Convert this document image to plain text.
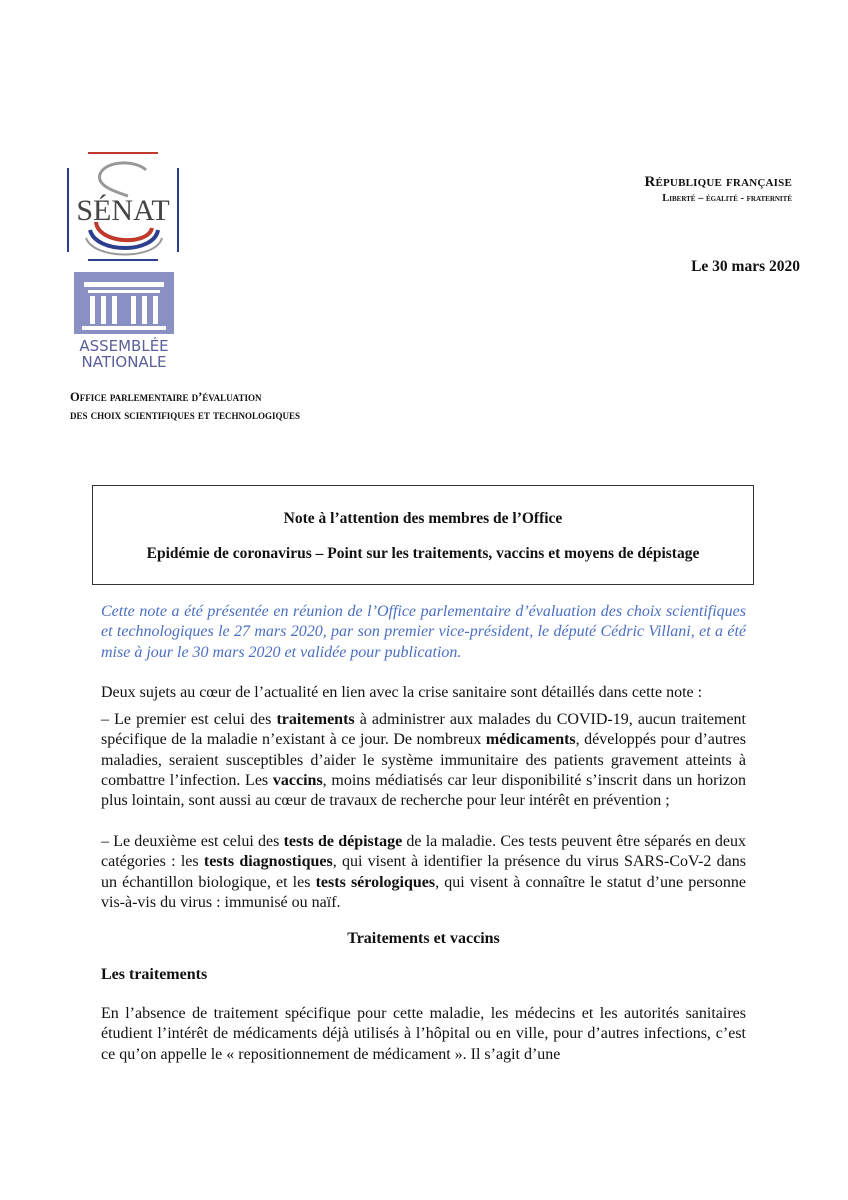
SÉNAT
ASSEMBLÉE
NATIONALE
Office parlementaire d’évaluation
des choix scientifiques et technologiques
République française
Liberté – égalité - fraternité
Le 30 mars 2020
Note à l’attention des membres de l’Office
Epidémie de coronavirus – Point sur les traitements, vaccins et moyens de dépistage
Cette note a été présentée en réunion de l’Office parlementaire d’évaluation des choix scientifiques et technologiques le 27 mars 2020, par son premier vice-président, le député Cédric Villani, et a été mise à jour le 30 mars 2020 et validée pour publication.
Deux sujets au cœur de l’actualité en lien avec la crise sanitaire sont détaillés dans cette note :
– Le premier est celui des traitements à administrer aux malades du COVID-19, aucun traitement spécifique de la maladie n’existant à ce jour. De nombreux médicaments, développés pour d’autres maladies, seraient susceptibles d’aider le système immunitaire des patients gravement atteints à combattre l’infection. Les vaccins, moins médiatisés car leur disponibilité s’inscrit dans un horizon plus lointain, sont aussi au cœur de travaux de recherche pour leur intérêt en prévention ;
– Le deuxième est celui des tests de dépistage de la maladie. Ces tests peuvent être séparés en deux catégories : les tests diagnostiques, qui visent à identifier la présence du virus SARS-CoV-2 dans un échantillon biologique, et les tests sérologiques, qui visent à connaître le statut d’une personne vis-à-vis du virus : immunisé ou naïf.
Traitements et vaccins
Les traitements
En l’absence de traitement spécifique pour cette maladie, les médecins et les autorités sanitaires étudient l’intérêt de médicaments déjà utilisés à l’hôpital ou en ville, pour d’autres infections, c’est ce qu’on appelle le « repositionnement de médicament ». Il s’agit d’une
